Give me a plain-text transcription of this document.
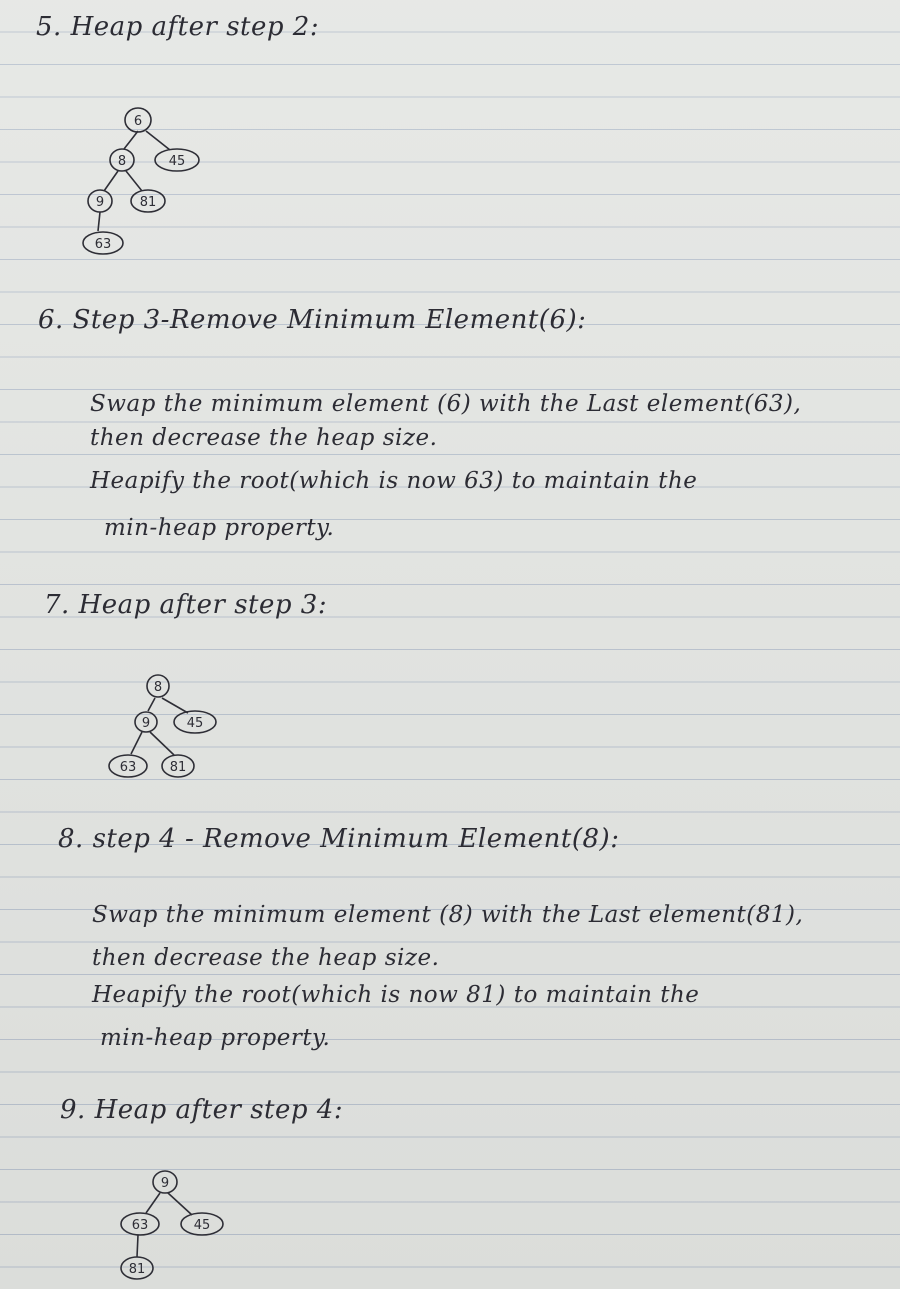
5. Heap after step 2:
6
8	45
9	81
63
6. Step 3-Remove Minimum Element(6):
Swap the minimum element (6) with the Last element(63),
then decrease the heap size.
Heapify the root(which is now 63) to maintain the
min-heap property.
7. Heap after step 3:
8
9	45
63	81
8. step 4 - Remove Minimum Element(8):
Swap the minimum element (8) with the Last element(81),
then decrease the heap size.
Heapify the root(which is now 81) to maintain the
min-heap property.
9. Heap after step 4:
9
63	45
81
